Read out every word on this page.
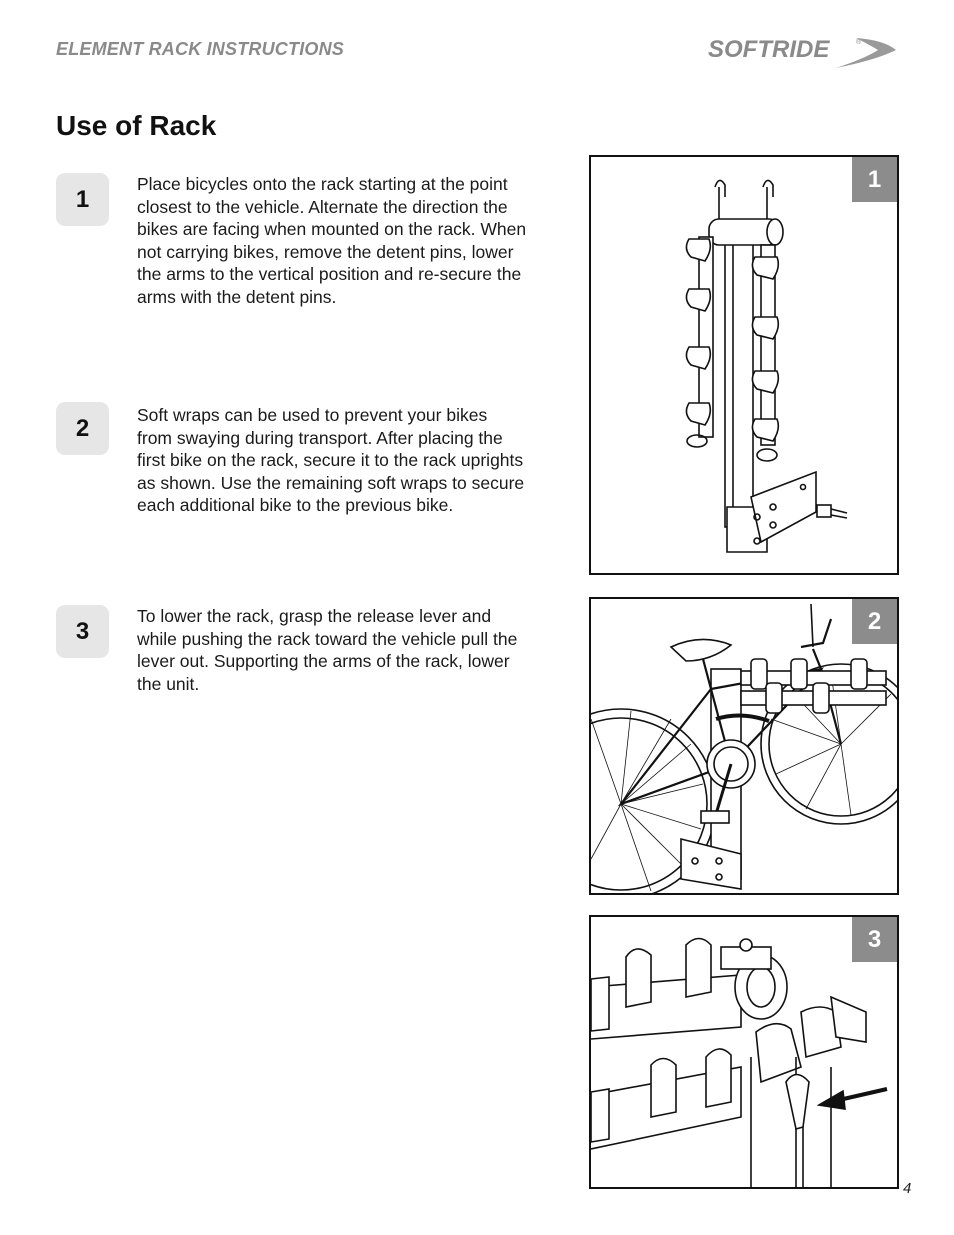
ELEMENT RACK INSTRUCTIONS	SOFTRIDE	®
Use of Rack
1
Place bicycles onto the rack starting at the point closest to the vehicle. Alternate the direction the bikes are facing when mounted on the rack. When not carrying bikes, remove the detent pins, lower the arms to the vertical position and re-secure the arms with the detent pins.
2	Soft wraps can be used to prevent your bikes from swaying during transport. After placing the first bike on the rack, secure it to the rack uprights as shown. Use the remaining soft wraps to secure each additional bike to the previous bike.
3
To lower the rack, grasp the release lever and while pushing the rack toward the vehicle pull the lever out. Supporting the arms of the rack, lower the unit.
1
2
3
4
